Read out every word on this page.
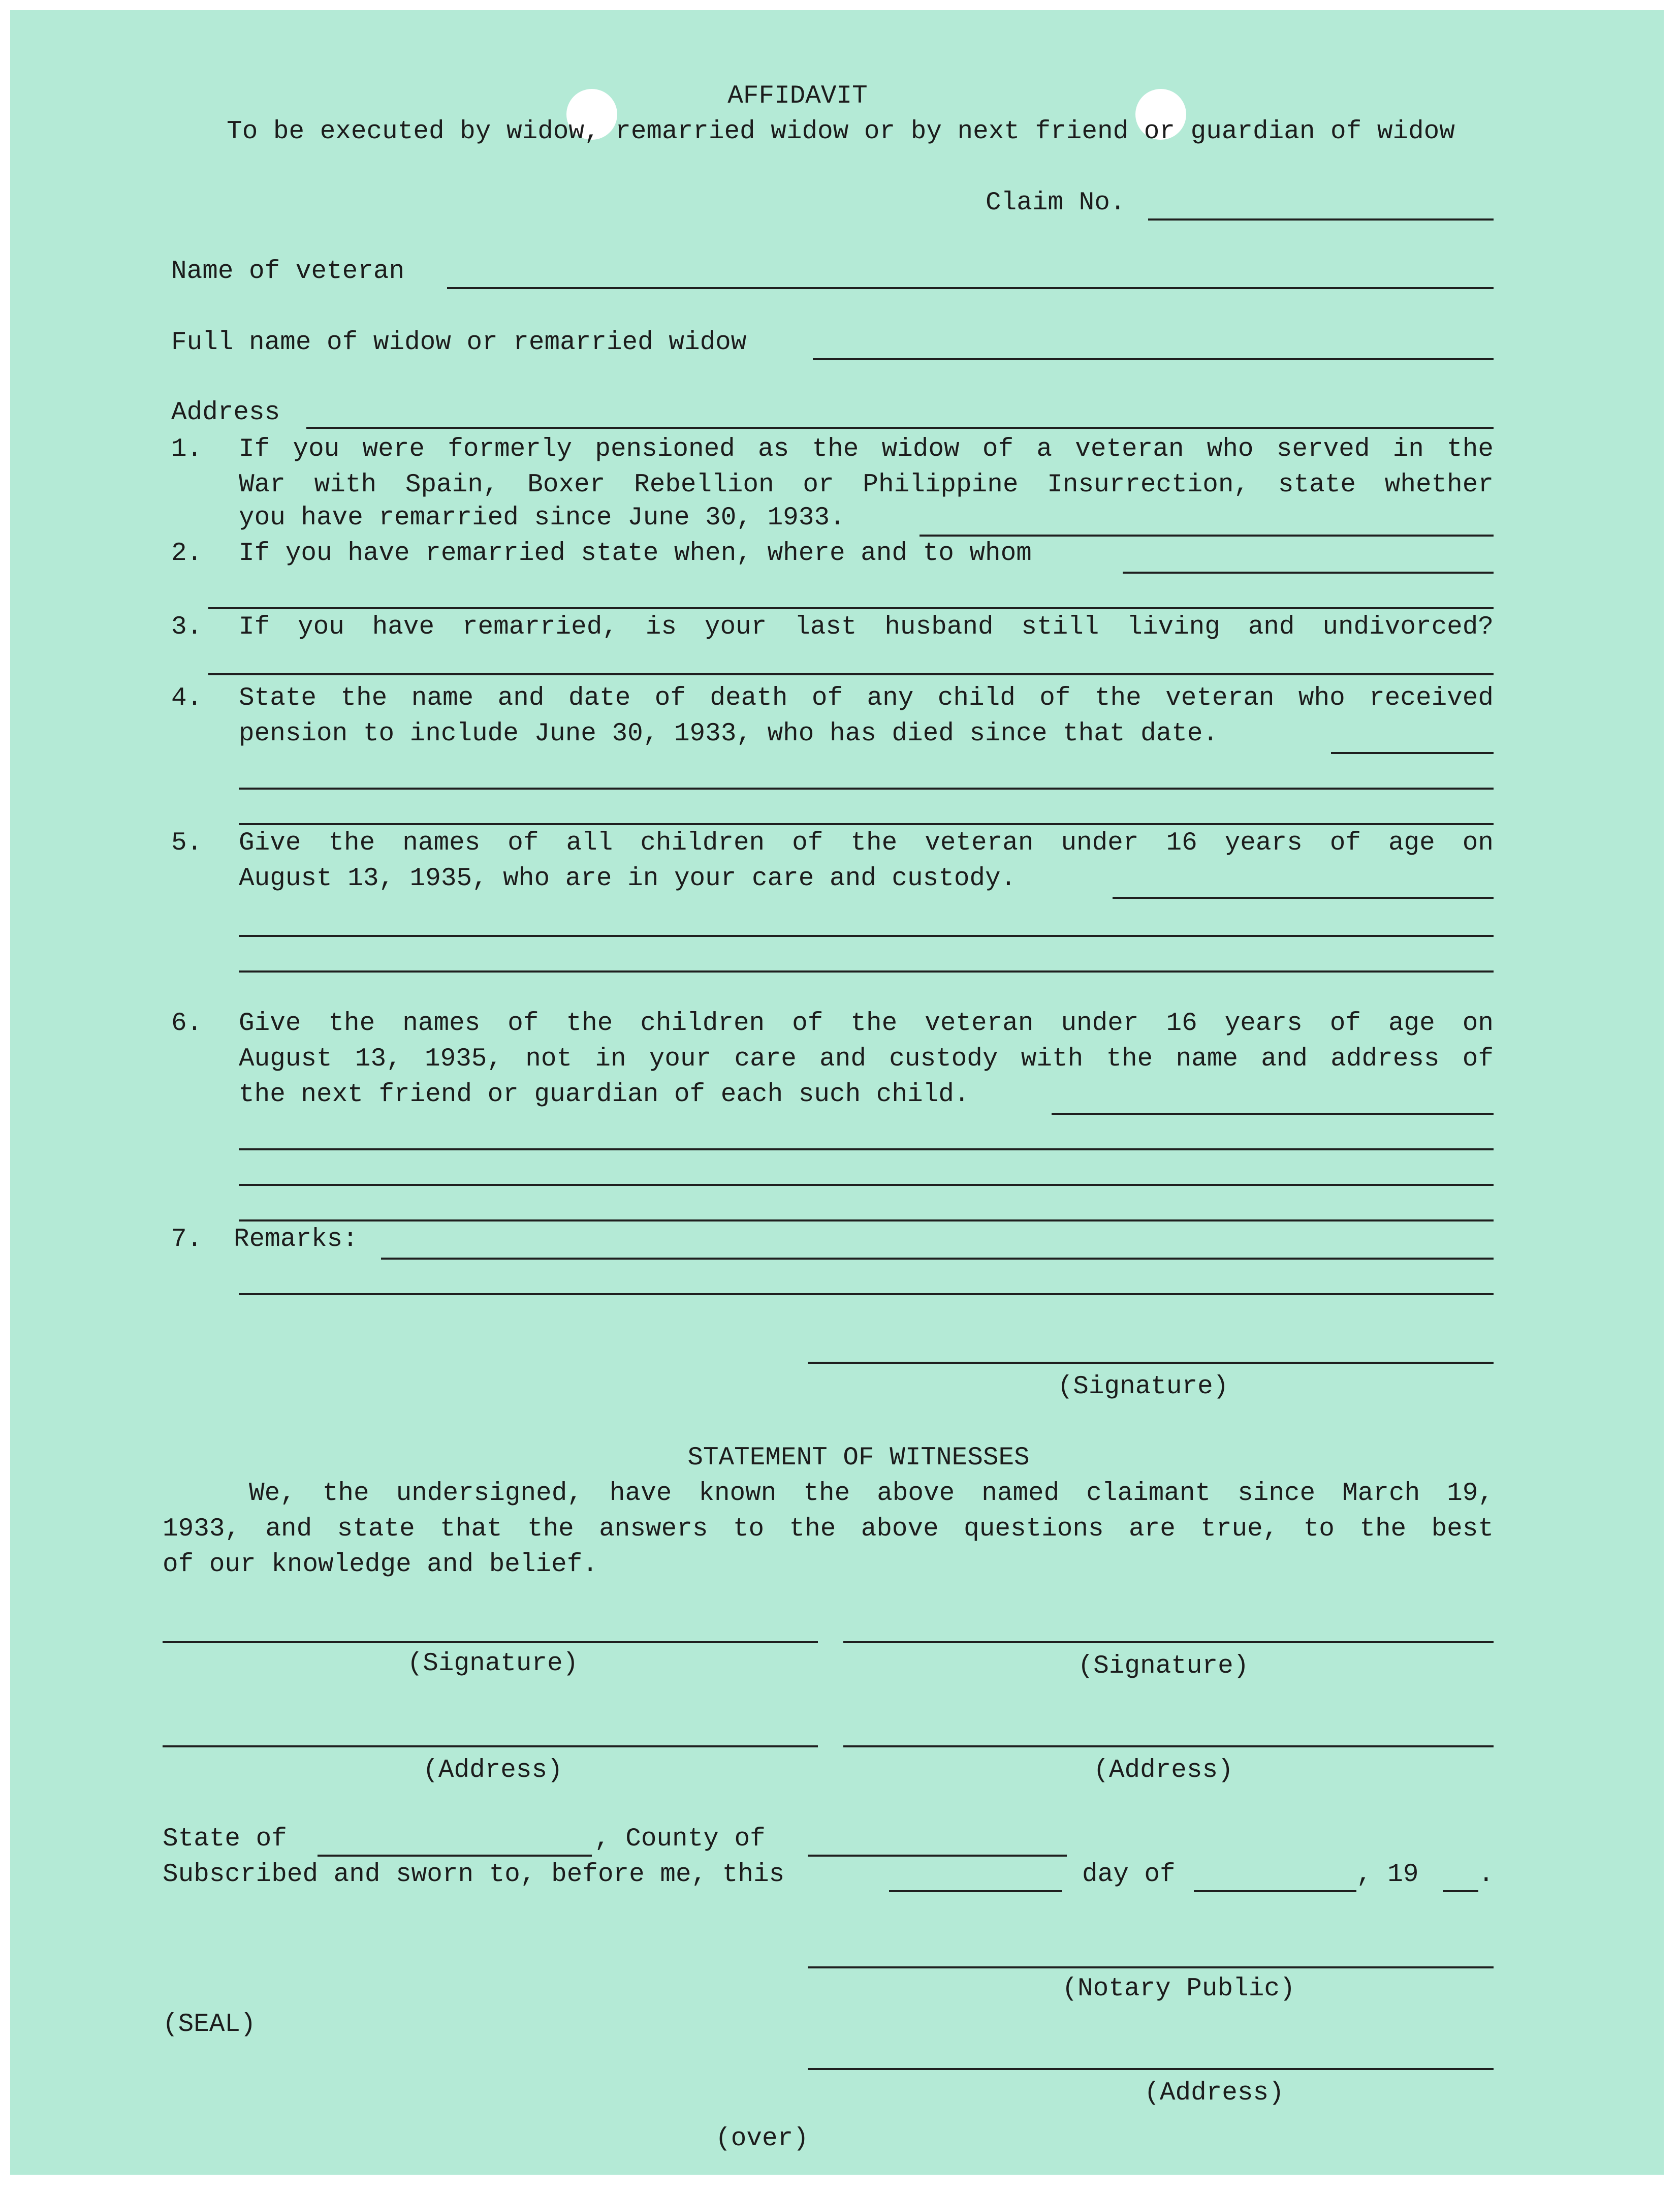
AFFIDAVIT
To be executed by widow, remarried widow or by next friend or guardian of widow
Claim No.
Name of veteran
Full name of widow or remarried widow
Address
1. If you were formerly pensioned as the widow of a veteran who served in the
War with Spain, Boxer Rebellion or Philippine Insurrection, state whether
you have remarried since June 30, 1933.
2. If you have remarried state when, where and to whom
3. If you have remarried, is your last husband still living and undivorced?
4. State the name and date of death of any child of the veteran who received
pension to include June 30, 1933, who has died since that date.
5. Give the names of all children of the veteran under 16 years of age on
August 13, 1935, who are in your care and custody.
6. Give the names of the children of the veteran under 16 years of age on
August 13, 1935, not in your care and custody with the name and address of
the next friend or guardian of each such child.
7. Remarks:
(Signature)
STATEMENT OF WITNESSES
We, the undersigned, have known the above named claimant since March 19,
1933, and state that the answers to the above questions are true, to the best
of our knowledge and belief.
(Signature)	(Signature)
(Address)	(Address)
State of	, County of
Subscribed and sworn to, before me, this	day of	, 19 .
(Notary Public)
(SEAL)
(Address)
(over)
